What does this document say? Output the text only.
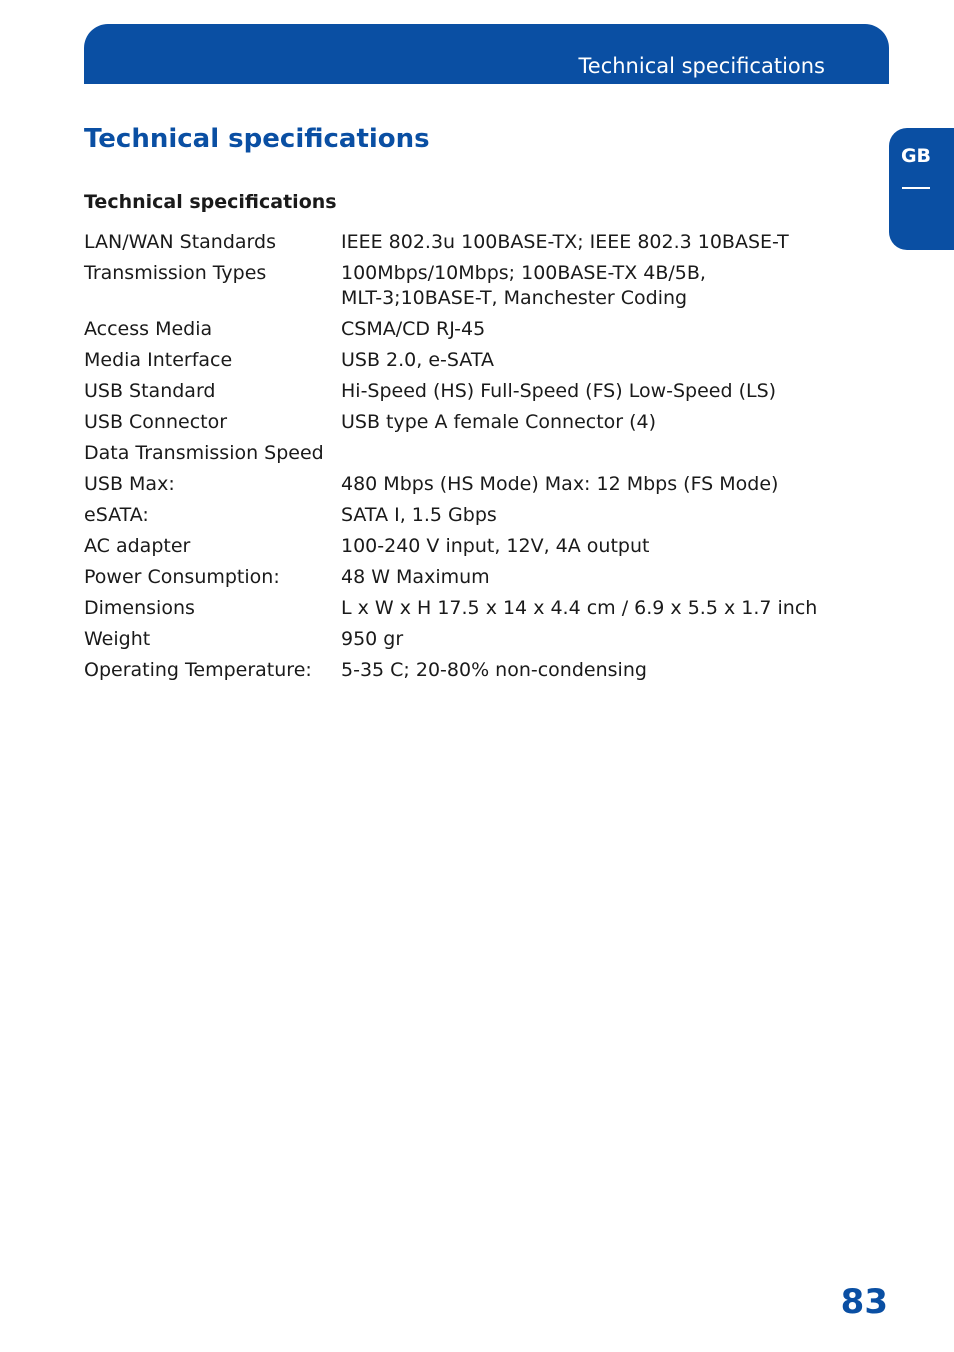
Technical specifications
GB
Technical specifications
Technical specifications
LAN/WAN Standards	IEEE 802.3u 100BASE-TX; IEEE 802.3 10BASE-T
Transmission Types	100Mbps/10Mbps; 100BASE-TX 4B/5B,
MLT-3;10BASE-T, Manchester Coding
Access Media	CSMA/CD RJ-45
Media Interface	USB 2.0, e-SATA
USB Standard	Hi-Speed (HS) Full-Speed (FS) Low-Speed (LS)
USB Connector	USB type A female Connector (4)
Data Transmission Speed
USB Max:	480 Mbps (HS Mode) Max: 12 Mbps (FS Mode)
eSATA:	SATA I, 1.5 Gbps
AC adapter	100-240 V input, 12V, 4A output
Power Consumption:	48 W Maximum
Dimensions	L x W x H 17.5 x 14 x 4.4 cm / 6.9 x 5.5 x 1.7 inch
Weight	950 gr
Operating Temperature:	5-35 C; 20-80% non-condensing
83
